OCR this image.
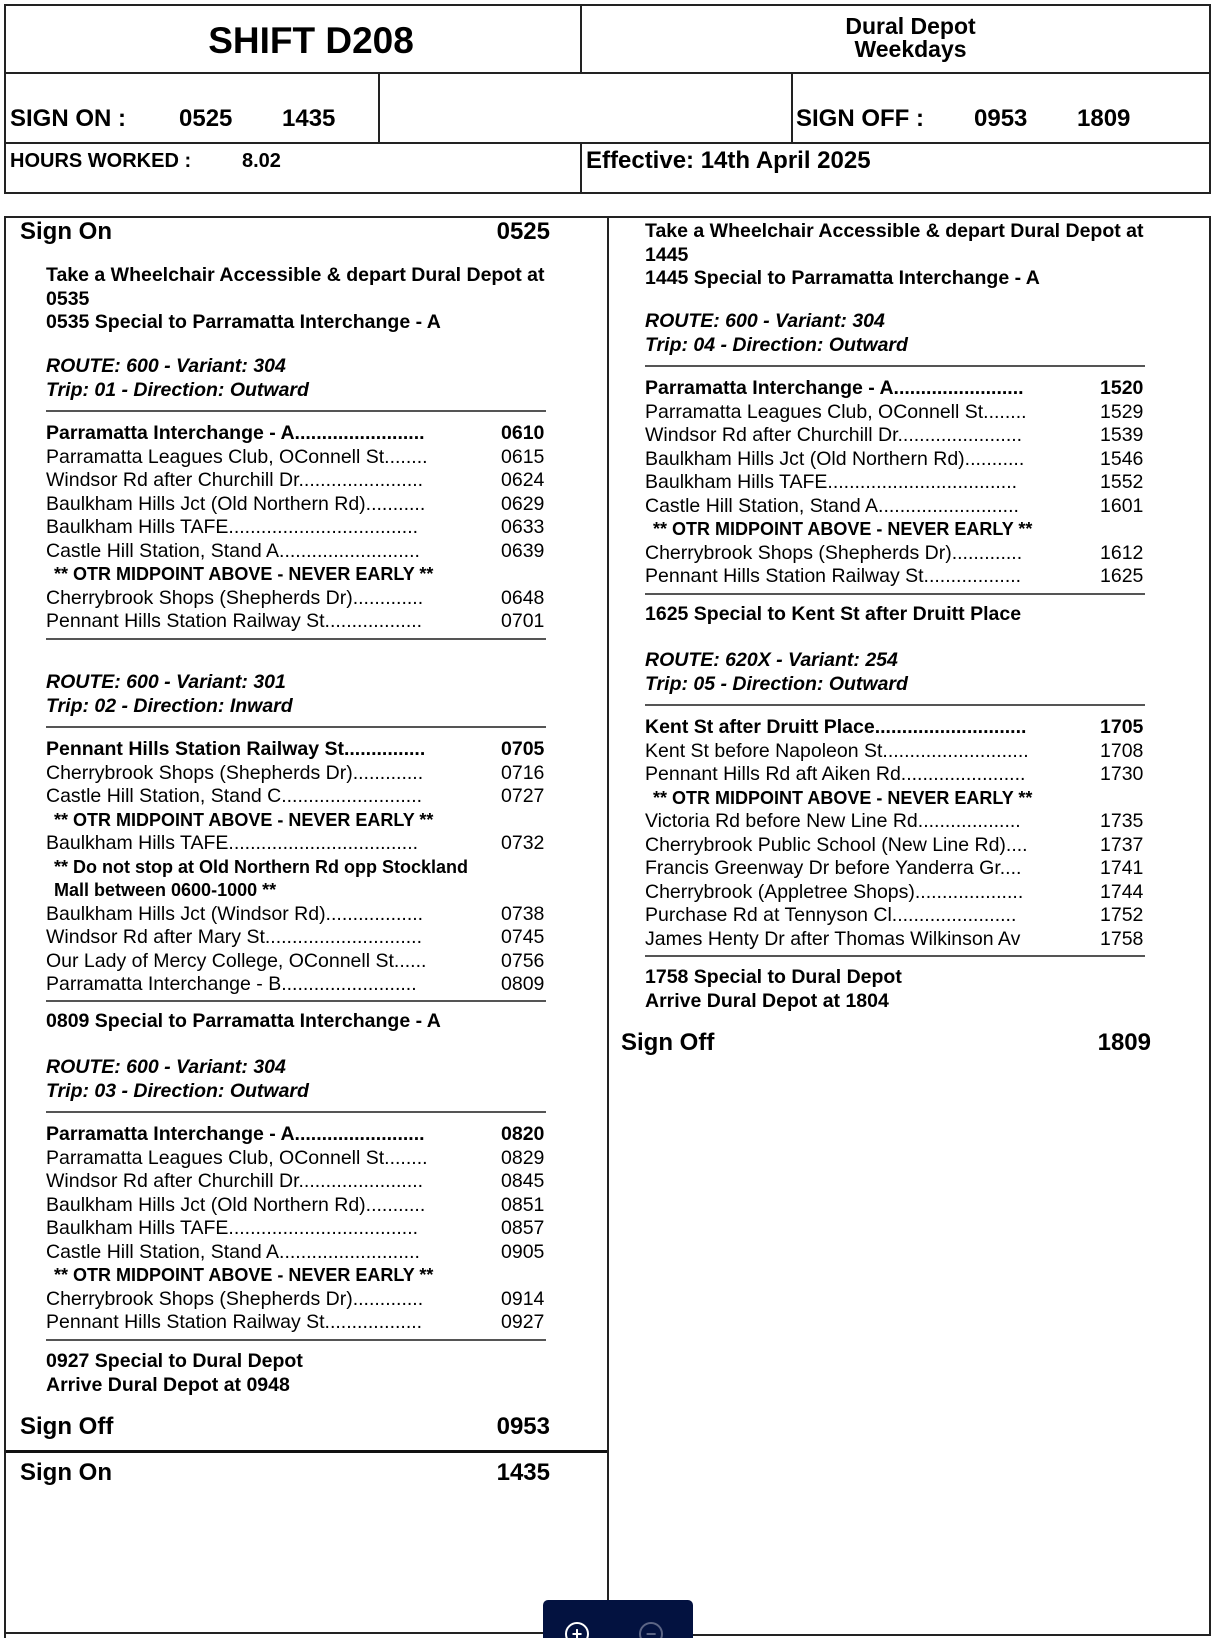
SHIFT D208	Dural Depot
Weekdays
SIGN ON : 0525 1435	SIGN OFF : 0953 1809
HOURS WORKED :	8.02	Effective: 14th April 2025
Sign On	0525
Take a Wheelchair Accessible & depart Dural Depot at
0535
0535 Special to Parramatta Interchange - A
ROUTE: 600 - Variant: 304
Trip: 01 - Direction: Outward
Parramatta Interchange - A........................	0610
Parramatta Leagues Club, OConnell St........	0615
Windsor Rd after Churchill Dr.......................	0624
Baulkham Hills Jct (Old Northern Rd)...........	0629
Baulkham Hills TAFE...................................	0633
Castle Hill Station, Stand A..........................	0639
** OTR MIDPOINT ABOVE - NEVER EARLY **
Cherrybrook Shops (Shepherds Dr).............	0648
Pennant Hills Station Railway St..................	0701
ROUTE: 600 - Variant: 301
Trip: 02 - Direction: Inward
Pennant Hills Station Railway St...............	0705
Cherrybrook Shops (Shepherds Dr).............	0716
Castle Hill Station, Stand C..........................	0727
** OTR MIDPOINT ABOVE - NEVER EARLY **
Baulkham Hills TAFE...................................	0732
** Do not stop at Old Northern Rd opp Stockland
Mall between 0600-1000 **
Baulkham Hills Jct (Windsor Rd)..................	0738
Windsor Rd after Mary St.............................	0745
Our Lady of Mercy College, OConnell St......	0756
Parramatta Interchange - B.........................	0809
0809 Special to Parramatta Interchange - A
ROUTE: 600 - Variant: 304
Trip: 03 - Direction: Outward
Parramatta Interchange - A........................	0820
Parramatta Leagues Club, OConnell St........	0829
Windsor Rd after Churchill Dr.......................	0845
Baulkham Hills Jct (Old Northern Rd)...........	0851
Baulkham Hills TAFE...................................	0857
Castle Hill Station, Stand A..........................	0905
** OTR MIDPOINT ABOVE - NEVER EARLY **
Cherrybrook Shops (Shepherds Dr).............	0914
Pennant Hills Station Railway St..................	0927
0927 Special to Dural Depot
Arrive Dural Depot at 0948
Sign Off	0953
Sign On	1435
Take a Wheelchair Accessible & depart Dural Depot at
1445
1445 Special to Parramatta Interchange - A
ROUTE: 600 - Variant: 304
Trip: 04 - Direction: Outward
Parramatta Interchange - A........................	1520
Parramatta Leagues Club, OConnell St........	1529
Windsor Rd after Churchill Dr.......................	1539
Baulkham Hills Jct (Old Northern Rd)...........	1546
Baulkham Hills TAFE...................................	1552
Castle Hill Station, Stand A..........................	1601
** OTR MIDPOINT ABOVE - NEVER EARLY **
Cherrybrook Shops (Shepherds Dr).............	1612
Pennant Hills Station Railway St..................	1625
1625 Special to Kent St after Druitt Place
ROUTE: 620X - Variant: 254
Trip: 05 - Direction: Outward
Kent St after Druitt Place............................	1705
Kent St before Napoleon St...........................	1708
Pennant Hills Rd aft Aiken Rd.......................	1730
** OTR MIDPOINT ABOVE - NEVER EARLY **
Victoria Rd before New Line Rd...................	1735
Cherrybrook Public School (New Line Rd)....	1737
Francis Greenway Dr before Yanderra Gr....	1741
Cherrybrook (Appletree Shops)....................	1744
Purchase Rd at Tennyson Cl.......................	1752
James Henty Dr after Thomas Wilkinson Av	1758
1758 Special to Dural Depot
Arrive Dural Depot at 1804
Sign Off	1809
+	−
